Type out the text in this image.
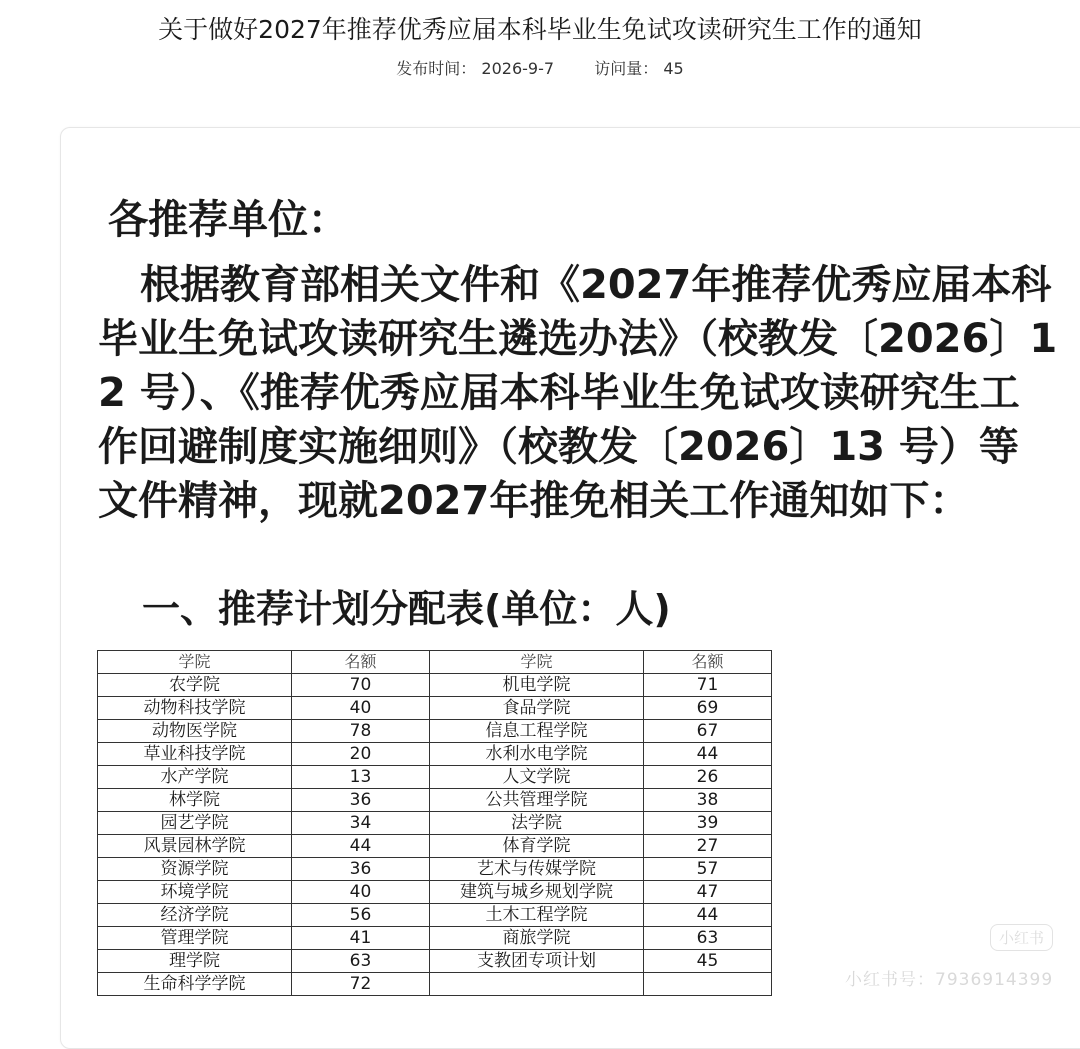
关于做好2027年推荐优秀应届本科毕业生免试攻读研究生工作的通知
发布时间： 2026-9-7	访问量： 45
各推荐单位：
根据教育部相关文件和《2027年推荐优秀应届本科毕业生免试攻读研究生遴选办法》（校教发〔2026〕12 号）、《推荐优秀应届本科毕业生免试攻读研究生工作回避制度实施细则》（校教发〔2026〕13 号）等文件精神，现就2027年推免相关工作通知如下：
一、推荐计划分配表(单位：人)
学院	名额	学院	名额
农学院	70	机电学院	71
动物科技学院	40	食品学院	69
动物医学院	78	信息工程学院	67
草业科技学院	20	水利水电学院	44
水产学院	13	人文学院	26
林学院	36	公共管理学院	38
园艺学院	34	法学院	39
风景园林学院	44	体育学院	27
资源学院	36	艺术与传媒学院	57
环境学院	40	建筑与城乡规划学院	47
经济学院	56	土木工程学院	44
管理学院	41	商旅学院	63
理学院	63	支教团专项计划	45
生命科学学院	72		
小红书
小红书号：7936914399
